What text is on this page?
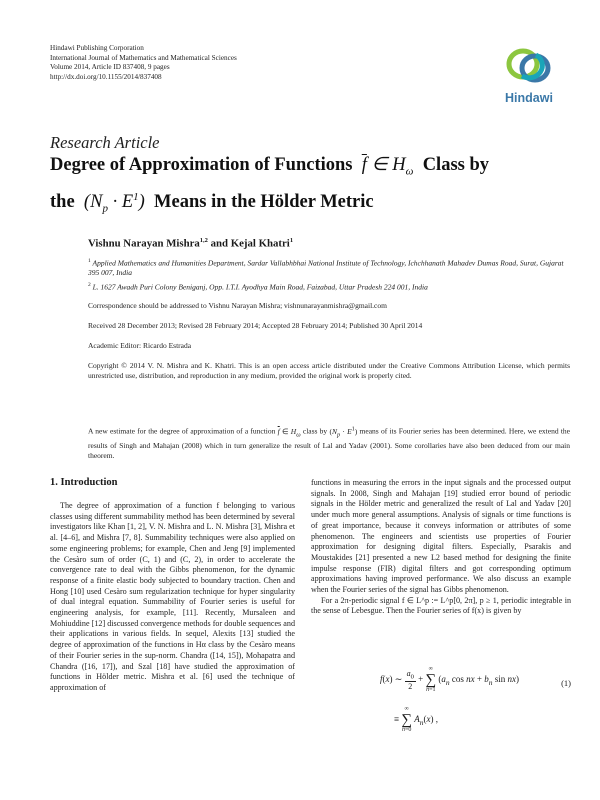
Hindawi Publishing Corporation
International Journal of Mathematics and Mathematical Sciences
Volume 2014, Article ID 837408, 9 pages
http://dx.doi.org/10.1155/2014/837408
Hindawi
Research Article
Degree of Approximation of Functions $\overline{f}$ ∈ $H_\omega$ Class by
the  $(N_p \cdot E^1)$  Means in the Hölder Metric
Vishnu Narayan Mishra$^{1,2}$ and Kejal Khatri$^1$
$^1$ Applied Mathematics and Humanities Department, Sardar Vallabhbhai National Institute of Technology, Ichchhanath Mahadev Dumas Road, Surat, Gujarat 395 007, India
$^2$ L. 1627 Awadh Puri Colony Beniganj, Opp. I.T.I. Ayodhya Main Road, Faizabad, Uttar Pradesh 224 001, India
Correspondence should be addressed to Vishnu Narayan Mishra; vishnunarayanmishra@gmail.com
Received 28 December 2013; Revised 28 February 2014; Accepted 28 February 2014; Published 30 April 2014
Academic Editor: Ricardo Estrada
Copyright © 2014 V. N. Mishra and K. Khatri. This is an open access article distributed under the Creative Commons Attribution License, which permits unrestricted use, distribution, and reproduction in any medium, provided the original work is properly cited.
A new estimate for the degree of approximation of a function $\overline{f}$ ∈ $H_\omega$ class by $(N_p \cdot E^1)$ means of its Fourier series has been determined. Here, we extend the results of Singh and Mahajan (2008) which in turn generalize the result of Lal and Yadav (2001). Some corollaries have also been deduced from our main theorem.
1. Introduction

The degree of approximation of a function f belonging to various classes using different summability method has been determined by several investigators like Khan [1, 2], V. N. Mishra and L. N. Mishra [3], Mishra et al. [4–6], and Mishra [7, 8]. Summability techniques were also applied on some engineering problems; for example, Chen and Jeng [9] implemented the Cesàro sum of order (C, 1) and (C, 2), in order to accelerate the convergence rate to deal with the Gibbs phenomenon, for the dynamic response of a finite elastic body subjected to boundary traction. Chen and Hong [10] used Cesàro sum regularization technique for hyper singularity of dual integral equation. Summability of Fourier series is useful for engineering analysis, for example, [11]. Recently, Mursaleen and Mohiuddine [12] discussed convergence methods for double sequences and their applications in various fields. In sequel, Alexits [13] studied the degree of approximation of the functions in Hα class by the Cesàro means of their Fourier series in the sup-norm. Chandra ([14, 15]), Mohapatra and Chandra ([16, 17]), and Szal [18] have studied the approximation of functions in Hölder metric. Mishra et al. [6] used the technique of approximation of

functions in measuring the errors in the input signals and the processed output signals. In 2008, Singh and Mahajan [19] studied error bound of periodic signals in the Hölder metric and generalized the result of Lal and Yadav [20] under much more general assumptions. Analysis of signals or time functions is of great importance, because it conveys information or attributes of some phenomenon. The engineers and scientists use properties of Fourier approximation for designing digital filters. Especially, Psarakis and Moustakides [21] presented a new L2 based method for designing the finite impulse response (FIR) digital filters and got corresponding optimum approximations having improved performance. We also discuss an example when the Fourier series of the signal has Gibbs phenomenon.

For a 2π-periodic signal f ∈ L^p := L^p[0, 2π], p ≥ 1, periodic integrable in the sense of Lebesgue. Then the Fourier series of f(x) is given by

f(x) ∼ $\frac{a_0}{2}$ +
∞
∑
n=1
($a_n$ cos nx + $b_n$ sin nx)
≡
∞
∑
n=0
$A_n(x)$ ,
(1)
